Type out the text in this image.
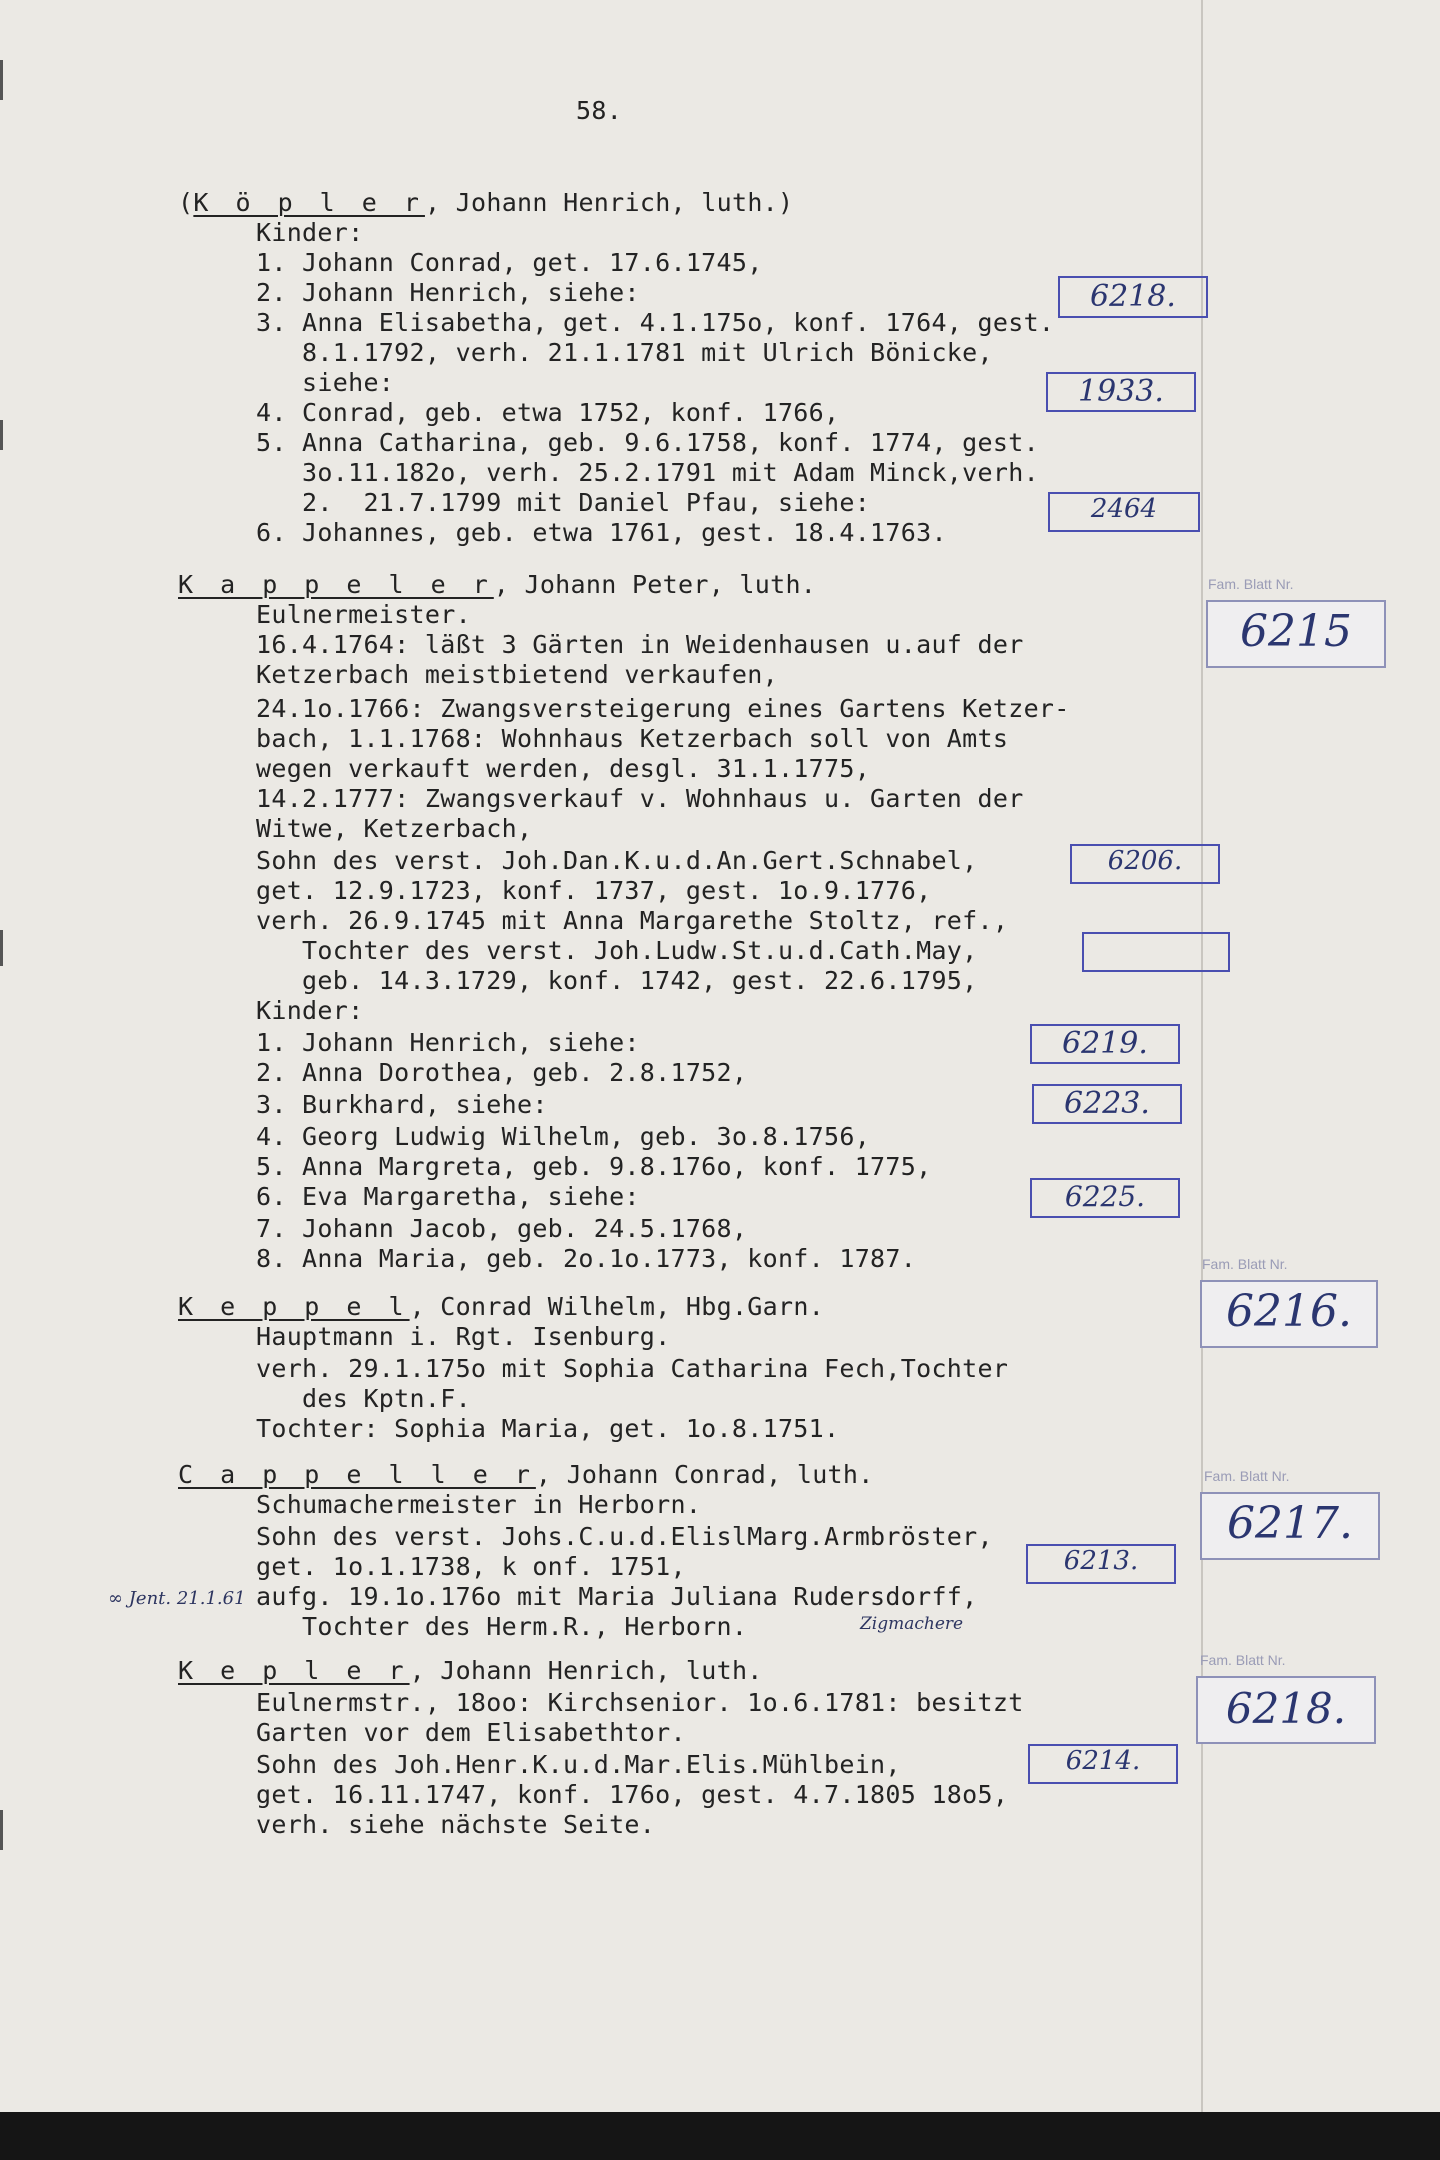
58.
(K ö p l e r, Johann Henrich, luth.)
Kinder:
1. Johann Conrad, get. 17.6.1745,
2. Johann Henrich, siehe:
3. Anna Elisabetha, get. 4.1.175o, konf. 1764, gest.
8.1.1792, verh. 21.1.1781 mit Ulrich Bönicke,
siehe:
4. Conrad, geb. etwa 1752, konf. 1766,
5. Anna Catharina, geb. 9.6.1758, konf. 1774, gest.
3o.11.182o, verh. 25.2.1791 mit Adam Minck,verh.
2.  21.7.1799 mit Daniel Pfau, siehe:
6. Johannes, geb. etwa 1761, gest. 18.4.1763.
6218.
1933.
2464
K a p p e l e r, Johann Peter, luth.
Eulnermeister.
16.4.1764: läßt 3 Gärten in Weidenhausen u.auf der
Ketzerbach meistbietend verkaufen,
24.1o.1766: Zwangsversteigerung eines Gartens Ketzer-
bach, 1.1.1768: Wohnhaus Ketzerbach soll von Amts
wegen verkauft werden, desgl. 31.1.1775,
14.2.1777: Zwangsverkauf v. Wohnhaus u. Garten der
Witwe, Ketzerbach,
Sohn des verst. Joh.Dan.K.u.d.An.Gert.Schnabel,
get. 12.9.1723, konf. 1737, gest. 1o.9.1776,
verh. 26.9.1745 mit Anna Margarethe Stoltz, ref.,
Tochter des verst. Joh.Ludw.St.u.d.Cath.May,
geb. 14.3.1729, konf. 1742, gest. 22.6.1795,
Kinder:
1. Johann Henrich, siehe:
2. Anna Dorothea, geb. 2.8.1752,
3. Burkhard, siehe:
4. Georg Ludwig Wilhelm, geb. 3o.8.1756,
5. Anna Margreta, geb. 9.8.176o, konf. 1775,
6. Eva Margaretha, siehe:
7. Johann Jacob, geb. 24.5.1768,
8. Anna Maria, geb. 2o.1o.1773, konf. 1787.
6206.
6219.
6223.
6225.
Fam. Blatt Nr.
6215
K e p p e l, Conrad Wilhelm, Hbg.Garn.
Hauptmann i. Rgt. Isenburg.
verh. 29.1.175o mit Sophia Catharina Fech,Tochter
des Kptn.F.
Tochter: Sophia Maria, get. 1o.8.1751.
Fam. Blatt Nr.
6216.
C a p p e l l e r, Johann Conrad, luth.
Schumachermeister in Herborn.
Sohn des verst. Johs.C.u.d.ElislMarg.Armbröster,
get. 1o.1.1738, k onf. 1751,
aufg. 19.1o.176o mit Maria Juliana Rudersdorff,
Tochter des Herm.R., Herborn.
∞ Jent. 21.1.61
Zigmachere
6213.
Fam. Blatt Nr.
6217.
K e p l e r, Johann Henrich, luth.
Eulnermstr., 18oo: Kirchsenior. 1o.6.1781: besitzt
Garten vor dem Elisabethtor.
Sohn des Joh.Henr.K.u.d.Mar.Elis.Mühlbein,
get. 16.11.1747, konf. 176o, gest. 4.7.1805 18o5,
verh. siehe nächste Seite.
6214.
Fam. Blatt Nr.
6218.
